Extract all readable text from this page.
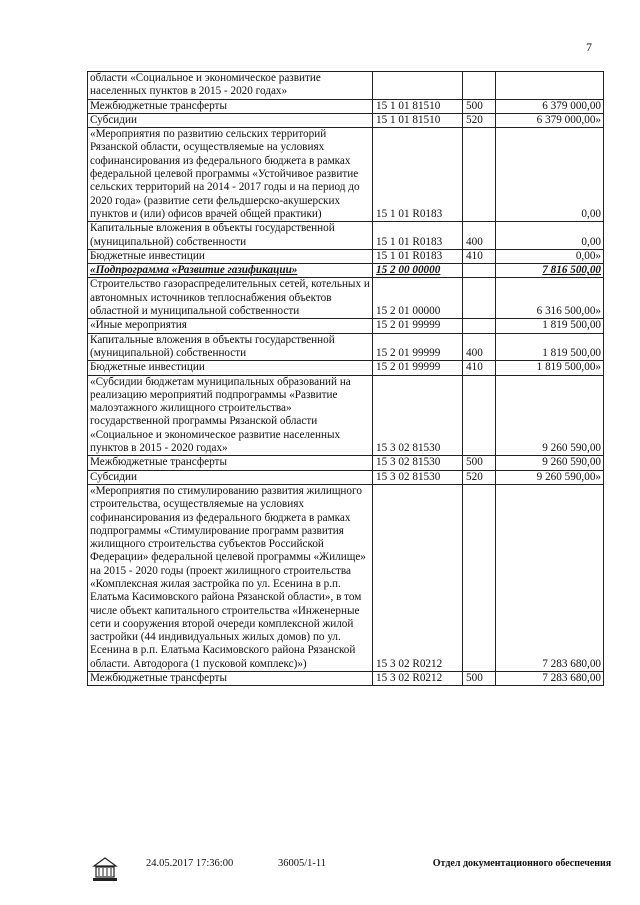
7
области «Социальное и экономическое развитие населенных пунктов в 2015 - 2020 годах»			
Межбюджетные трансферты	15 1 01 81510	500	6 379 000,00
Субсидии	15 1 01 81510	520	6 379 000,00»
«Мероприятия по развитию сельских территорий Рязанской области, осуществляемые на условиях софинансирования из федерального бюджета в рамках федеральной целевой программы «Устойчивое развитие сельских территорий на 2014 - 2017 годы и на период до 2020 года» (развитие сети фельдшерско-акушерских пунктов и (или) офисов врачей общей практики)	15 1 01 R0183		0,00
Капитальные вложения в объекты государственной (муниципальной) собственности	15 1 01 R0183	400	0,00
Бюджетные инвестиции	15 1 01 R0183	410	0,00»
«Подпрограмма «Развитие газификации»	15 2 00 00000		7 816 500,00
Строительство газораспределительных сетей, котельных и автономных источников теплоснабжения объектов областной и муниципальной собственности	15 2 01 00000		6 316 500,00»
«Иные мероприятия	15 2 01 99999		1 819 500,00
Капитальные вложения в объекты государственной (муниципальной) собственности	15 2 01 99999	400	1 819 500,00
Бюджетные инвестиции	15 2 01 99999	410	1 819 500,00»
«Субсидии бюджетам муниципальных образований на реализацию мероприятий подпрограммы «Развитие малоэтажного жилищного строительства» государственной программы Рязанской области «Социальное и экономическое развитие населенных пунктов в 2015 - 2020 годах»	15 3 02 81530		9 260 590,00
Межбюджетные трансферты	15 3 02 81530	500	9 260 590,00
Субсидии	15 3 02 81530	520	9 260 590,00»
«Мероприятия по стимулированию развития жилищного строительства, осуществляемые на условиях софинансирования из федерального бюджета в рамках подпрограммы «Стимулирование программ развития жилищного строительства субъектов Российской Федерации» федеральной целевой программы «Жилище» на 2015 - 2020 годы (проект жилищного строительства «Комплексная жилая застройка по ул. Есенина в р.п. Елатьма Касимовского района Рязанской области», в том числе объект капитального строительства «Инженерные сети и сооружения второй очереди комплексной жилой застройки (44 индивидуальных жилых домов) по ул. Есенина в р.п. Елатьма Касимовского района Рязанской области. Автодорога (1 пусковой комплекс)»)	15 3 02 R0212		7 283 680,00
Межбюджетные трансферты	15 3 02 R0212	500	7 283 680,00
24.05.2017 17:36:00	36005/1-11	Отдел документационного обеспечения
